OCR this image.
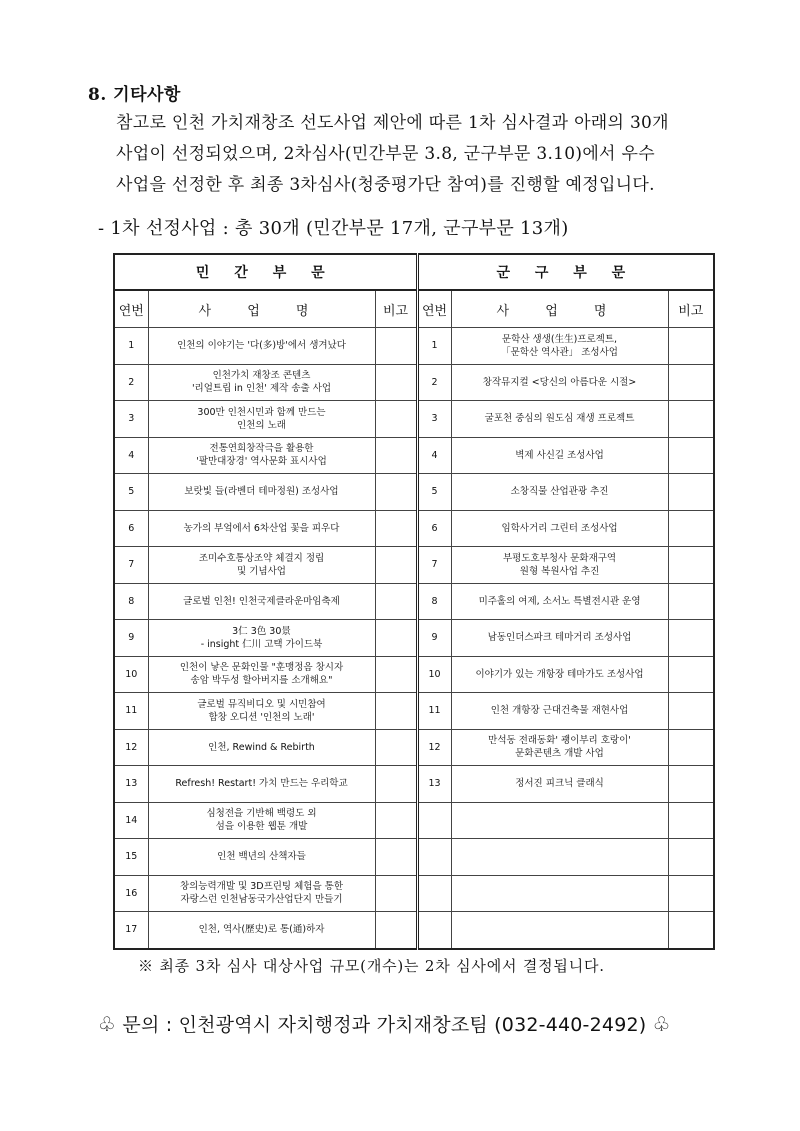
8. 기타사항
참고로 인천 가치재창조 선도사업 제안에 따른 1차 심사결과 아래의 30개
사업이 선정되었으며, 2차심사(민간부문 3.8, 군구부문 3.10)에서 우수
사업을 선정한 후 최종 3차심사(청중평가단 참여)를 진행할 예정입니다.
- 1차 선정사업 : 총 30개 (민간부문 17개, 군구부문 13개)
민 간 부 문			군 구 부 문		
연번	사 업 명	비고	연번	사 업 명	비고
1	인천의 이야기는 '다(多)방'에서 생겨났다		1	문학산 생생(生生)프로젝트,
「문학산 역사관」 조성사업	
2	인천가치 재창조 콘텐츠
'리얼트립 in 인천' 제작 송출 사업		2	창작뮤지컬 <당신의 아름다운 시절>	
3	300만 인천시민과 함께 만드는
인천의 노래		3	굴포천 중심의 원도심 재생 프로젝트	
4	전통연희창작극을 활용한
'팔만대장경' 역사문화 표시사업		4	벽제 사신길 조성사업	
5	보랏빛 들(라벤더 테마정원) 조성사업		5	소창직물 산업관광 추진	
6	농가의 부엌에서 6차산업 꽃을 피우다		6	임학사거리 그린터 조성사업	
7	조미수호통상조약 체결지 정립
및 기념사업		7	부평도호부청사 문화재구역
원형 복원사업 추진	
8	글로벌 인천! 인천국제클라운마임축제		8	미주홀의 여제, 소서노 특별전시관 운영	
9	3仁 3色 30景
- insight 仁川 고택 가이드북		9	남동인더스파크 테마거리 조성사업	
10	인천이 낳은 문화인물 "훈맹정음 창시자
송암 박두성 할아버지를 소개해요"		10	이야기가 있는 개항장 테마가도 조성사업	
11	글로벌 뮤직비디오 및 시민참여
합창 오디션 '인천의 노래'		11	인천 개항장 근대건축물 재현사업	
12	인천, Rewind & Rebirth		12	만석동 전래동화' 괭이부리 호랑이'
문화콘텐츠 개발 사업	
13	Refresh! Restart! 가치 만드는 우리학교		13	정서진 피크닉 클래식	
14	심청전을 기반해 백령도 외
섬을 이용한 웹툰 개발				
15	인천 백년의 산책자들				
16	창의능력개발 및 3D프린팅 체험을 통한
자랑스런 인천남동국가산업단지 만들기				
17	인천, 역사(歷史)로 통(通)하자				
※ 최종 3차 심사 대상사업 규모(개수)는 2차 심사에서 결정됩니다.
♧ 문의 : 인천광역시 자치행정과 가치재창조팀 (032-440-2492) ♧
